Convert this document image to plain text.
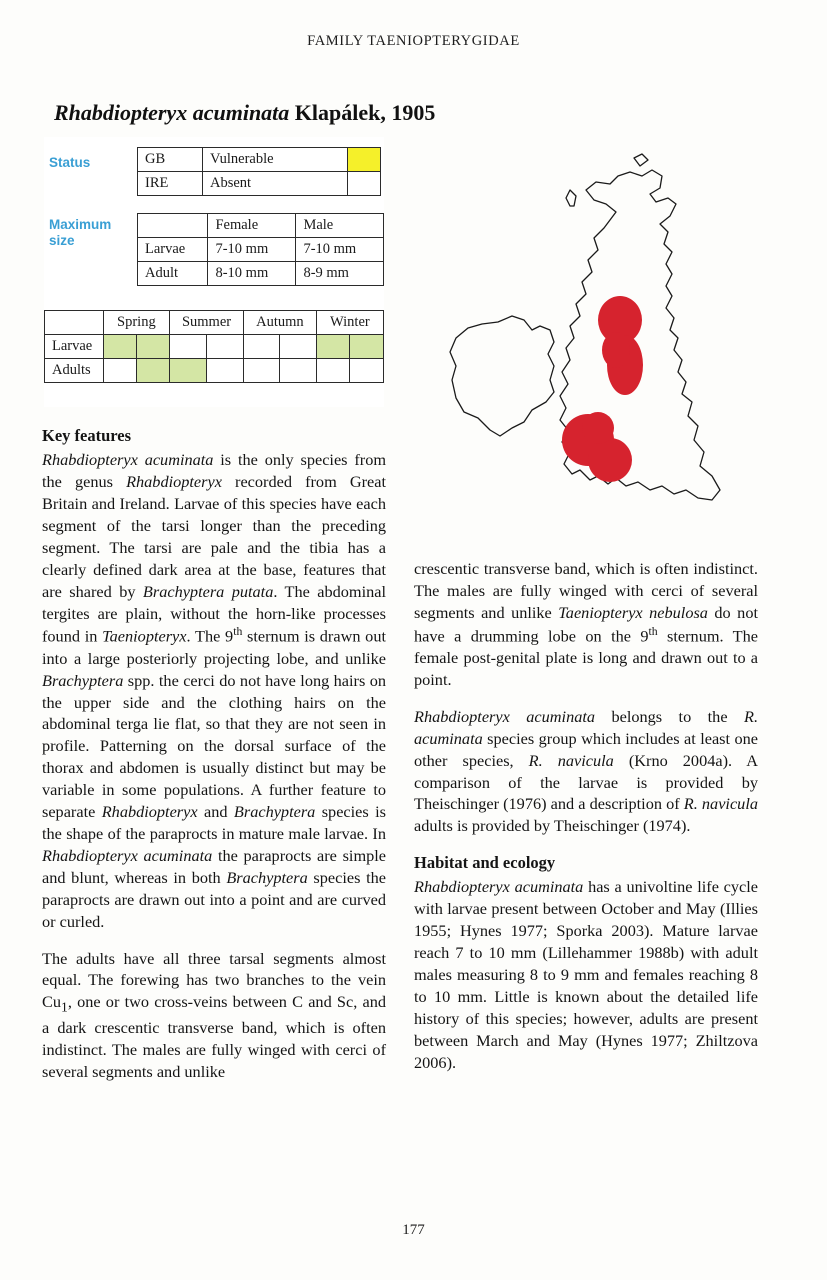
FAMILY TAENIOPTERYGIDAE
Rhabdiopteryx acuminata Klapálek, 1905
Status
Maximum size
GB	Vulnerable	
IRE	Absent	
	Female	Male
Larvae	7-10 mm	7-10 mm
Adult	8-10 mm	8-9 mm
	Spring		Summer		Autumn		Winter	
Larvae								
Adults								
Key features

Rhabdiopteryx acuminata is the only species from the genus Rhabdiopteryx recorded from Great Britain and Ireland. Larvae of this species have each segment of the tarsi longer than the preceding segment. The tarsi are pale and the tibia has a clearly defined dark area at the base, features that are shared by Brachyptera putata. The abdominal tergites are plain, without the horn-like processes found in Taeniopteryx. The 9th sternum is drawn out into a large posteriorly projecting lobe, and unlike Brachyptera spp. the cerci do not have long hairs on the upper side and the clothing hairs on the abdominal terga lie flat, so that they are not seen in profile. Patterning on the dorsal surface of the thorax and abdomen is usually distinct but may be variable in some populations. A further feature to separate Rhabdiopteryx and Brachyptera species is the shape of the paraprocts in mature male larvae. In Rhabdiopteryx acuminata the paraprocts are simple and blunt, whereas in both Brachyptera species the paraprocts are drawn out into a point and are curved or curled.

The adults have all three tarsal segments almost equal. The forewing has two branches to the vein $Cu_1$, one or two cross-veins between C and Sc, and a dark crescentic transverse band, which is often indistinct. The males are fully winged with cerci of several segments and unlike

crescentic transverse band, which is often indistinct. The males are fully winged with cerci of several segments and unlike Taeniopteryx nebulosa do not have a drumming lobe on the 9th sternum. The female post-genital plate is long and drawn out to a point.

Rhabdiopteryx acuminata belongs to the R. acuminata species group which includes at least one other species, R. navicula (Krno 2004a). A comparison of the larvae is provided by Theischinger (1976) and a description of R. navicula adults is provided by Theischinger (1974).

Habitat and ecology

Rhabdiopteryx acuminata has a univoltine life cycle with larvae present between October and May (Illies 1955; Hynes 1977; Sporka 2003). Mature larvae reach 7 to 10 mm (Lillehammer 1988b) with adult males measuring 8 to 9 mm and females reaching 8 to 10 mm. Little is known about the detailed life history of this species; however, adults are present between March and May (Hynes 1977; Zhiltzova 2006).

177
